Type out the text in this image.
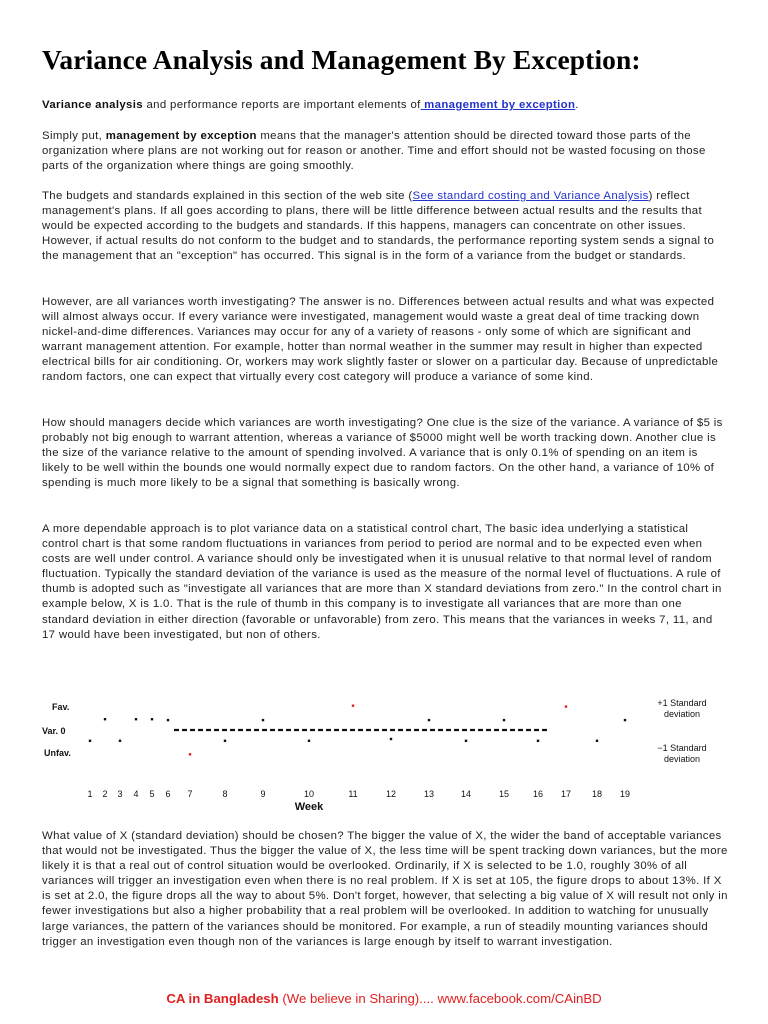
Variance Analysis and Management By Exception:

Variance analysis and performance reports are important elements of management by exception.

Simply put, management by exception means that the manager's attention should be directed toward those parts of the organization where plans are not working out for reason or another. Time and effort should not be wasted focusing on those parts of the organization where things are going smoothly.

The budgets and standards explained in this section of the web site (See standard costing and Variance Analysis) reflect management's plans. If all goes according to plans, there will be little difference between actual results and the results that would be expected according to the budgets and standards. If this happens, managers can concentrate on other issues. However, if actual results do not conform to the budget and to standards, the performance reporting system sends a signal to the management that an "exception" has occurred. This signal is in the form of a variance from the budget or standards.

However, are all variances worth investigating? The answer is no. Differences between actual results and what was expected will almost always occur. If every variance were investigated, management would waste a great deal of time tracking down nickel-and-dime differences. Variances may occur for any of a variety of reasons - only some of which are significant and warrant management attention. For example, hotter than normal weather in the summer may result in higher than expected electrical bills for air conditioning. Or, workers may work slightly faster or slower on a particular day. Because of unpredictable random factors, one can expect that virtually every cost category will produce a variance of some kind.

How should managers decide which variances are worth investigating? One clue is the size of the variance. A variance of $5 is probably not big enough to warrant attention, whereas a variance of $5000 might well be worth tracking down. Another clue is the size of the variance relative to the amount of spending involved. A variance that is only 0.1% of spending on an item is likely to be well within the bounds one would normally expect due to random factors. On the other hand, a variance of 10% of spending is much more likely to be a signal that something is basically wrong.

A more dependable approach is to plot variance data on a statistical control chart, The basic idea underlying a statistical control chart is that some random fluctuations in variances from period to period are normal and to be expected even when costs are well under control. A variance should only be investigated when it is unusual relative to that normal level of random fluctuation. Typically the standard deviation of the variance is used as the measure of the normal level of fluctuations. A rule of thumb is adopted such as "investigate all variances that are more than X standard deviations from zero." In the control chart in example below, X is 1.0. That is the rule of thumb in this company is to investigate all variances that are more than one standard deviation in either direction (favorable or unfavorable) from zero. This means that the variances in weeks 7, 11, and 17 would have been investigated, but non of others.

What value of X (standard deviation) should be chosen? The bigger the value of X, the wider the band of acceptable variances that would not be investigated. Thus the bigger the value of X, the less time will be spent tracking down variances, but the more likely it is that a real out of control situation would be overlooked. Ordinarily, if X is selected to be 1.0, roughly 30% of all variances will trigger an investigation even when there is no real problem. If X is set at 105, the figure drops to about 13%. If X is set at 2.0, the figure drops all the way to about 5%. Don't forget, however, that selecting a big value of X will result not only in fewer investigations but also a higher probability that a real problem will be overlooked. In addition to watching for unusually large variances, the pattern of the variances should be monitored. For example, a run of steadily mounting variances should trigger an investigation even though non of the variances is large enough by itself to warrant investigation.

Fav.
Var. 0
Unfav.
+1 Standard
deviation
−1 Standard
deviation
1 2 3 4 5 6 7	8	9	10	11	12	13	14	15	16 17 18 19
Week
CA in Bangladesh (We believe in Sharing).... www.facebook.com/CAinBD
